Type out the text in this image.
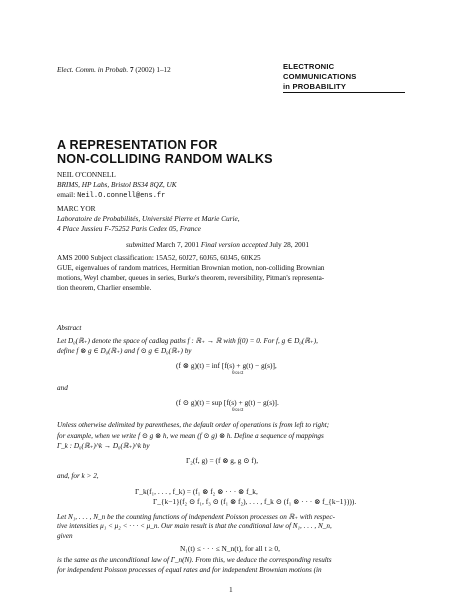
Elect. Comm. in Probab. 7 (2002) 1–12	ELECTRONIC
COMMUNICATIONS
in PROBABILITY
A REPRESENTATION FOR
NON-COLLIDING RANDOM WALKS
NEIL O'CONNELL
BRIMS, HP Labs, Bristol BS34 8QZ, UK
email: Neil.O.connell@ens.fr
MARC YOR
Laboratoire de Probabilités, Université Pierre et Marie Curie,
4 Place Jussieu F-75252 Paris Cedex 05, France
submitted March 7, 2001 Final version accepted July 28, 2001
AMS 2000 Subject classification: 15A52, 60J27, 60J65, 60J45, 60K25
GUE, eigenvalues of random matrices, Hermitian Brownian motion, non-colliding Brownian
motions, Weyl chamber, queues in series, Burke's theorem, reversibility, Pitman's representa-
tion theorem, Charlier ensemble.
Abstract
Let D₀(ℝ₊) denote the space of cadlag paths f : ℝ₊ → ℝ with f(0) = 0. For f, g ∈ D₀(ℝ₊),
define f ⊗ g ∈ D₀(ℝ₊) and f ⊙ g ∈ D₀(ℝ₊) by
(f ⊗ g)(t) = inf [f(s) + g(t) − g(s)],
0≤s≤t
and
(f ⊙ g)(t) = sup [f(s) + g(t) − g(s)].
0≤s≤t
Unless otherwise delimited by parentheses, the default order of operations is from left to right;
for example, when we write f ⊙ g ⊗ h, we mean (f ⊙ g) ⊗ h. Define a sequence of mappings
Γ_k : D₀(ℝ₊)^k → D₀(ℝ₊)^k by
Γ₂(f, g) = (f ⊗ g, g ⊙ f),
and, for k > 2,
Γ_k(f₁, . . . , f_k) = (f₁ ⊗ f₂ ⊗ · · · ⊗ f_k,
Γ_{k−1}(f₂ ⊙ f₁, f₃ ⊙ (f₁ ⊗ f₂), . . . , f_k ⊙ (f₁ ⊗ · · · ⊗ f_{k−1}))).
Let N₁, . . . , N_n be the counting functions of independent Poisson processes on ℝ₊ with respec-
tive intensities μ₁ < μ₂ < · · · < μ_n. Our main result is that the conditional law of N₁, . . . , N_n,
given
N₁(t) ≤ · · · ≤ N_n(t), for all t ≥ 0,
is the same as the unconditional law of Γ_n(N). From this, we deduce the corresponding results
for independent Poisson processes of equal rates and for independent Brownian motions (in
1
